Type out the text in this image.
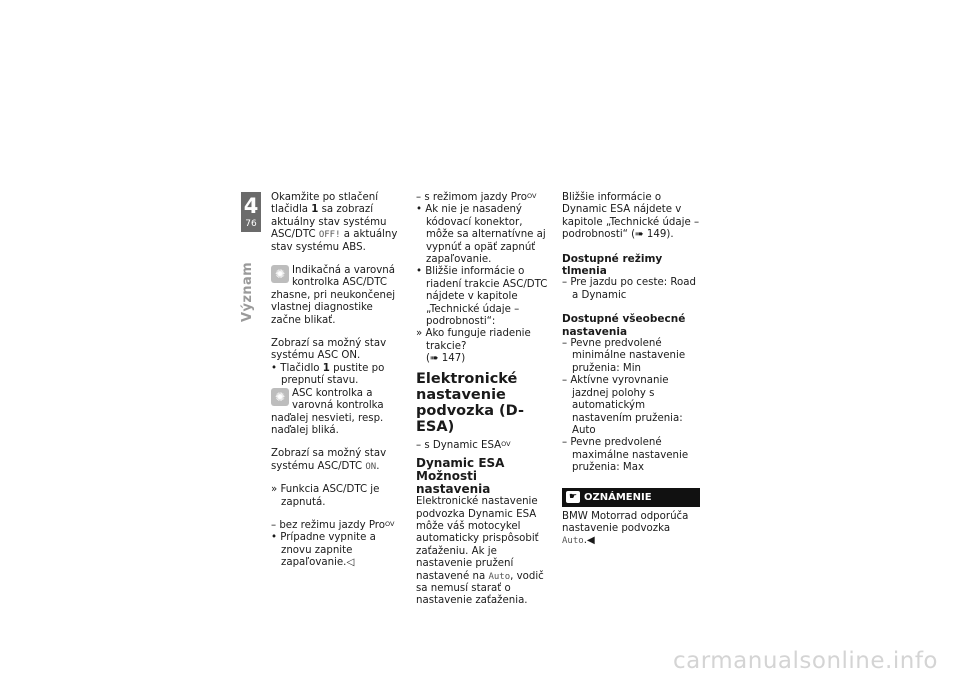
4
76
Význam

Okamžite po stlačení tlačidla 1 sa zobrazí aktuálny stav systému ASC/DTC OFF! a aktuálny stav systému ABS.

✺ Indikačná a varovná kontrolka ASC/DTC zhasne, pri neukončenej vlastnej diagnostike začne blikať.

Zobrazí sa možný stav systému ASC ON.

• Tlačidlo 1 pustite po prepnutí stavu.

✺ ASC kontrolka a varovná kontrolka naďalej nesvieti, resp. naďalej bliká.

Zobrazí sa možný stav systému ASC/DTC ON.

» Funkcia ASC/DTC je zapnutá.

– bez režimu jazdy Pro$^{OV}$

• Prípadne vypnite a znovu zapnite zapaľovanie.◁

– s režimom jazdy Pro$^{OV}$

• Ak nie je nasadený kódovací konektor, môže sa alternatívne aj vypnúť a opäť zapnúť zapaľovanie.

• Bližšie informácie o riadení trakcie ASC/DTC nájdete v kapitole „Technické údaje – podrobnosti“:

» Ako funguje riadenie trakcie?

(➠ 147)

Elektronické nastavenie podvozka (D-ESA)

– s Dynamic $ESA^{OV}$

Dynamic ESA Možnosti nastavenia

Elektronické nastavenie podvozka Dynamic ESA môže váš motocykel automaticky prispôsobiť zaťaženiu. Ak je nastavenie pružení nastavené na Auto, vodič sa nemusí starať o nastavenie zaťaženia.

Bližšie informácie o Dynamic ESA nájdete v kapitole „Technické údaje – podrobnosti“ (➠ 149).

Dostupné režimy tlmenia

– Pre jazdu po ceste: Road a Dynamic

Dostupné všeobecné nastavenia

– Pevne predvolené minimálne nastavenie pruženia: Min

– Aktívne vyrovnanie jazdnej polohy s automatickým nastavením pruženia: Auto

– Pevne predvolené maximálne nastavenie pruženia: Max

☛ OZNÁMENIE

BMW Motorrad odporúča nastavenie podvozka Auto.◀

carmanualsonline.info
